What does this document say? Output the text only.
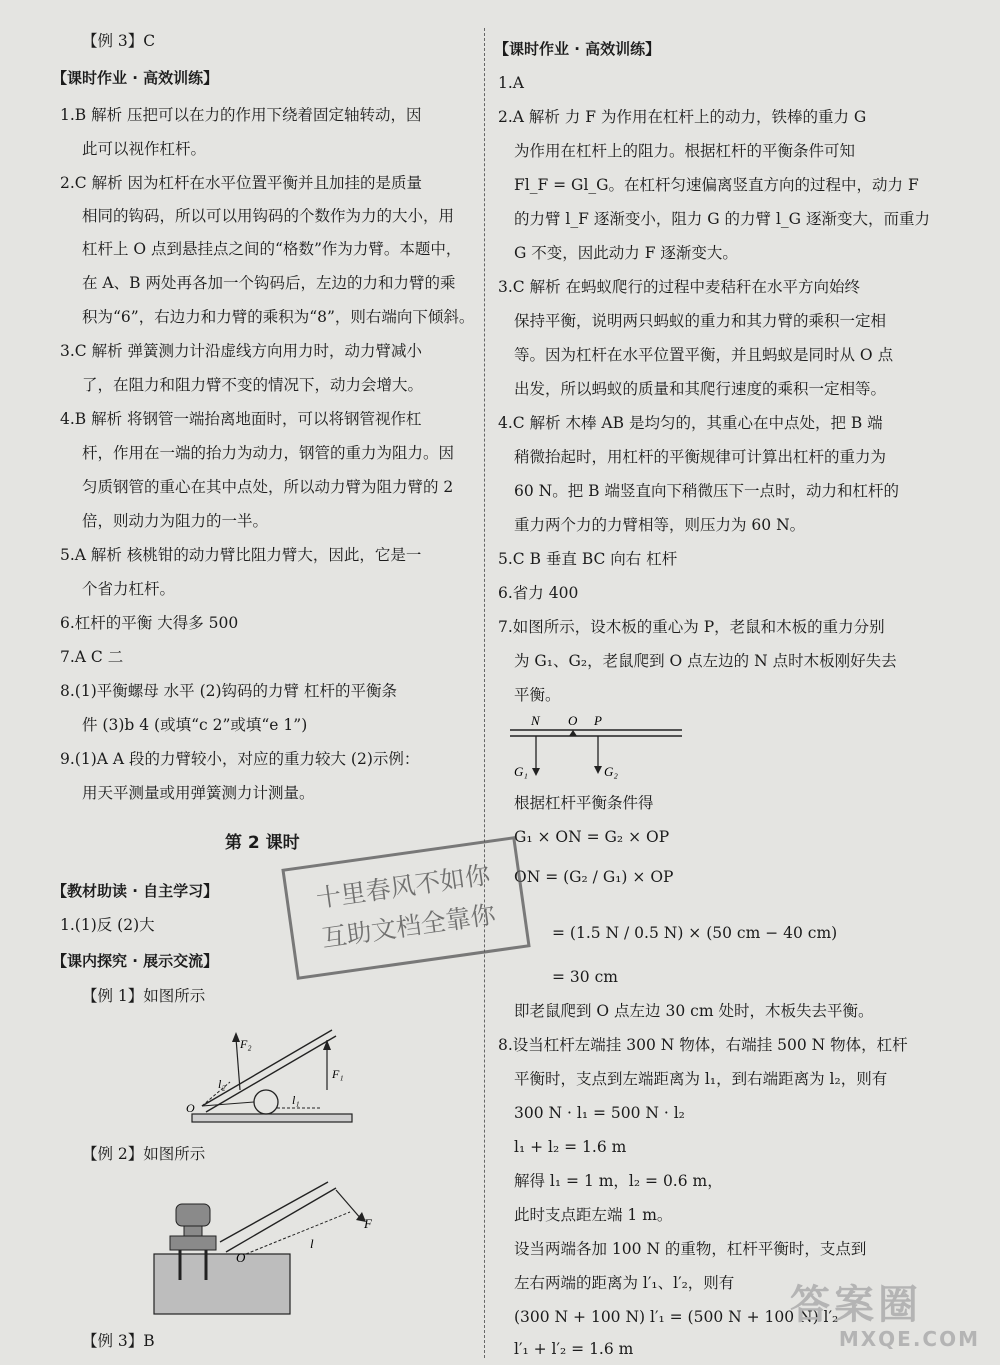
【例 3】C
【课时作业 · 高效训练】
1.B 解析 压把可以在力的作用下绕着固定轴转动，因
此可以视作杠杆。
2.C 解析 因为杠杆在水平位置平衡并且加挂的是质量
相同的钩码，所以可以用钩码的个数作为力的大小，用
杠杆上 O 点到悬挂点之间的“格数”作为力臂。本题中，
在 A、B 两处再各加一个钩码后，左边的力和力臂的乘
积为“6”，右边力和力臂的乘积为“8”，则右端向下倾斜。
3.C 解析 弹簧测力计沿虚线方向用力时，动力臂减小
了，在阻力和阻力臂不变的情况下，动力会增大。
4.B 解析 将钢管一端抬离地面时，可以将钢管视作杠
杆，作用在一端的抬力为动力，钢管的重力为阻力。因
匀质钢管的重心在其中点处，所以动力臂为阻力臂的 2
倍，则动力为阻力的一半。
5.A 解析 核桃钳的动力臂比阻力臂大，因此，它是一
个省力杠杆。
6.杠杆的平衡 大得多 500
7.A C 二
8.(1)平衡螺母 水平 (2)钩码的力臂 杠杆的平衡条
件 (3)b 4 (或填“c 2”或填“e 1”)
9.(1)A A 段的力臂较小，对应的重力较大 (2)示例：
用天平测量或用弹簧测力计测量。
第 2 课时
【教材助读 · 自主学习】
1.(1)反 (2)大
【课内探究 · 展示交流】
【例 1】如图所示
【例 2】如图所示
【例 3】B
【课时作业 · 高效训练】
1.A
2.A 解析 力 F 为作用在杠杆上的动力，铁棒的重力 G
为作用在杠杆上的阻力。根据杠杆的平衡条件可知
Fl_F = Gl_G。在杠杆匀速偏离竖直方向的过程中，动力 F
的力臂 l_F 逐渐变小，阻力 G 的力臂 l_G 逐渐变大，而重力
G 不变，因此动力 F 逐渐变大。
3.C 解析 在蚂蚁爬行的过程中麦秸秆在水平方向始终
保持平衡，说明两只蚂蚁的重力和其力臂的乘积一定相
等。因为杠杆在水平位置平衡，并且蚂蚁是同时从 O 点
出发，所以蚂蚁的质量和其爬行速度的乘积一定相等。
4.C 解析 木棒 AB 是均匀的，其重心在中点处，把 B 端
稍微抬起时，用杠杆的平衡规律可计算出杠杆的重力为
60 N。把 B 端竖直向下稍微压下一点时，动力和杠杆的
重力两个力的力臂相等，则压力为 60 N。
5.C B 垂直 BC 向右 杠杆
6.省力 400
7.如图所示，设木板的重心为 P，老鼠和木板的重力分别
为 G₁、G₂，老鼠爬到 O 点左边的 N 点时木板刚好失去
平衡。
根据杠杆平衡条件得
G₁ × ON = G₂ × OP
ON = (G₂ / G₁) × OP
= (1.5 N / 0.5 N) × (50 cm − 40 cm)
= 30 cm
即老鼠爬到 O 点左边 30 cm 处时，木板失去平衡。
8.设当杠杆左端挂 300 N 物体，右端挂 500 N 物体，杠杆
平衡时，支点到左端距离为 l₁，到右端距离为 l₂，则有
300 N · l₁ = 500 N · l₂
l₁ + l₂ = 1.6 m
解得 l₁ = 1 m，l₂ = 0.6 m，
此时支点距左端 1 m。
设当两端各加 100 N 的重物，杠杆平衡时，支点到
左右两端的距离为 l′₁、l′₂，则有
(300 N + 100 N) l′₁ = (500 N + 100 N) l′₂
l′₁ + l′₂ = 1.6 m
N O P
G₁	G₂
F₂
F₁
l₂
l₁
O
F
l
O
十里春风不如你
互助文档全靠你
答案圈
MXQE.COM
